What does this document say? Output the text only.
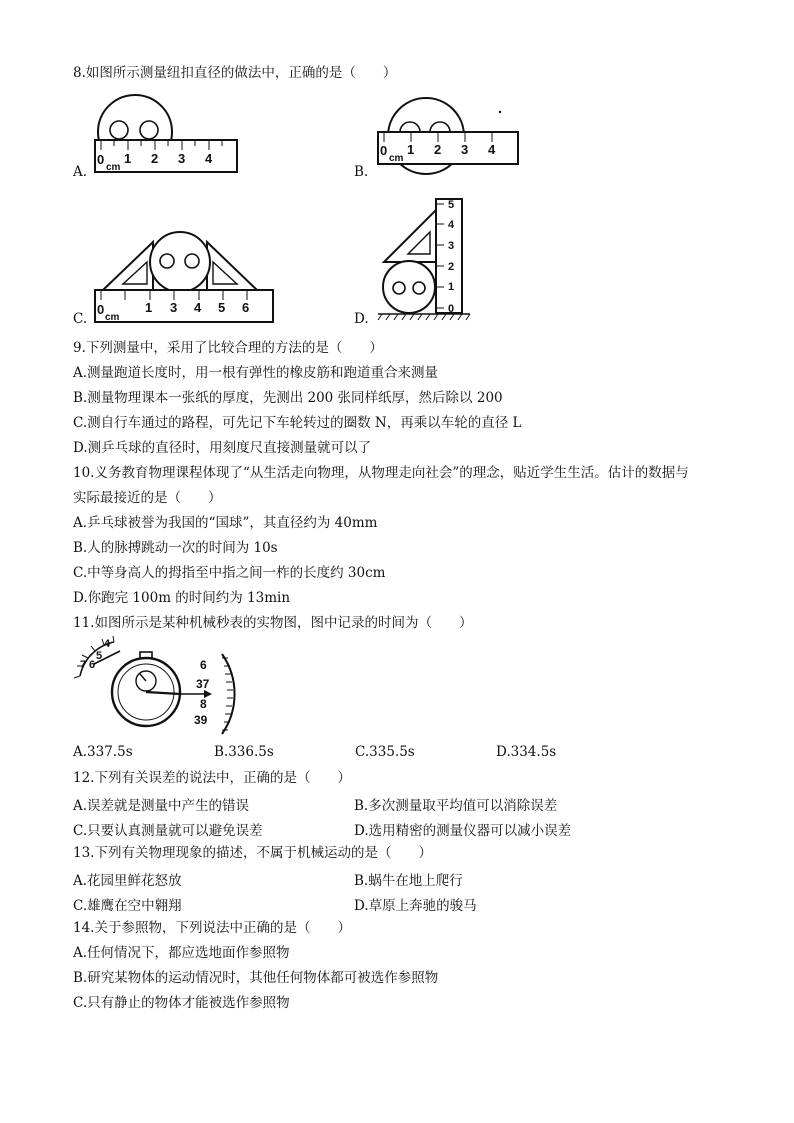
8.如图所示测量纽扣直径的做法中，正确的是（　　）
0
cm
1 2 3 4
A.
0
cm
1 2 3 4
B.
0
cm
1 3 4 5 6
C.
0
1
2
3
4
5
D.
9.下列测量中，采用了比较合理的方法的是（　　）
A.测量跑道长度时，用一根有弹性的橡皮筋和跑道重合来测量
B.测量物理课本一张纸的厚度，先测出 200 张同样纸厚，然后除以 200
C.测自行车通过的路程，可先记下车轮转过的圈数 N，再乘以车轮的直径 L
D.测乒乓球的直径时，用刻度尺直接测量就可以了
10.义务教育物理课程体现了“从生活走向物理，从物理走向社会”的理念，贴近学生生活。估计的数据与
实际最接近的是（　　）
A.乒乓球被誉为我国的“国球”，其直径约为 40mm
B.人的脉搏跳动一次的时间为 10s
C.中等身高人的拇指至中指之间一柞的长度约 30cm
D.你跑完 100m 的时间约为 13min
11.如图所示是某种机械秒表的实物图，图中记录的时间为（　　）
4
5
6
7	6
37
8
39
A.337.5s	B.336.5s	C.335.5s	D.334.5s
12.下列有关误差的说法中，正确的是（　　）
A.误差就是测量中产生的错误	B.多次测量取平均值可以消除误差
C.只要认真测量就可以避免误差	D.选用精密的测量仪器可以减小误差
13.下列有关物理现象的描述，不属于机械运动的是（　　）
A.花园里鲜花怒放	B.蜗牛在地上爬行
C.雄鹰在空中翱翔	D.草原上奔驰的骏马
14.关于参照物，下列说法中正确的是（　　）
A.任何情况下，都应选地面作参照物
B.研究某物体的运动情况时，其他任何物体都可被选作参照物
C.只有静止的物体才能被选作参照物
